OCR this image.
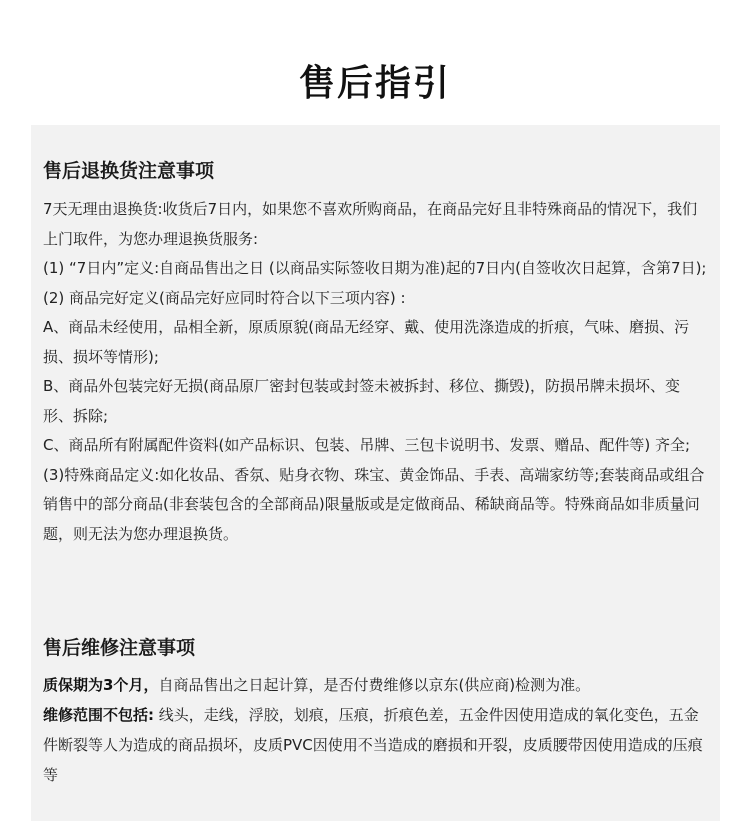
售后指引
售后退换货注意事项

7天无理由退换货:收货后7日内，如果您不喜欢所购商品，在商品完好且非特殊商品的情况下，我们上门取件，为您办理退换货服务:

(1) “7日内”定义:自商品售出之日 (以商品实际签收日期为准)起的7日内(自签收次日起算，含第7日);

(2) 商品完好定义(商品完好应同时符合以下三项内容) :

A、商品未经使用，品相全新，原质原貌(商品无经穿、戴、使用洗涤造成的折痕，气味、磨损、污损、损坏等情形);

B、商品外包装完好无损(商品原厂密封包装或封签未被拆封、移位、撕毁)，防损吊牌未损坏、变形、拆除;

C、商品所有附属配件资料(如产品标识、包装、吊牌、三包卡说明书、发票、赠品、配件等) 齐全;

(3)特殊商品定义:如化妆品、香氛、贴身衣物、珠宝、黄金饰品、手表、高端家纺等;套装商品或组合销售中的部分商品(非套装包含的全部商品)限量版或是定做商品、稀缺商品等。特殊商品如非质量问题，则无法为您办理退换货。

售后维修注意事项

质保期为3个月，自商品售出之日起计算，是否付费维修以京东(供应商)检测为准。

维修范围不包括: 线头，走线，浮胶，划痕，压痕，折痕色差，五金件因使用造成的氧化变色，五金件断裂等人为造成的商品损坏，皮质PVC因使用不当造成的磨损和开裂，皮质腰带因使用造成的压痕等
